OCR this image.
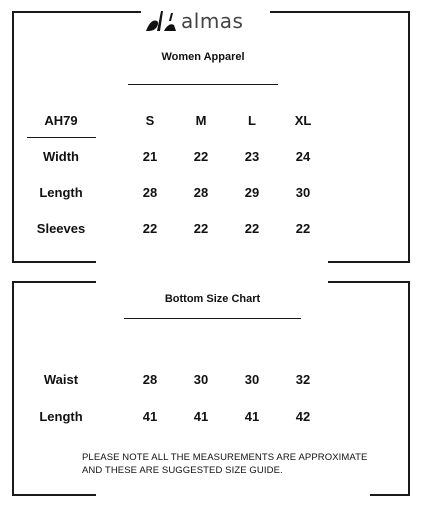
almas
Women Apparel
AH79	S	M	L	XL
Width	21	22	23	24
Length	28	28	29	30
Sleeves	22	22	22	22
Bottom Size Chart
Waist	28	30	30	32
Length	41	41	41	42
PLEASE NOTE ALL THE MEASUREMENTS ARE APPROXIMATE
AND THESE ARE SUGGESTED SIZE GUIDE.
